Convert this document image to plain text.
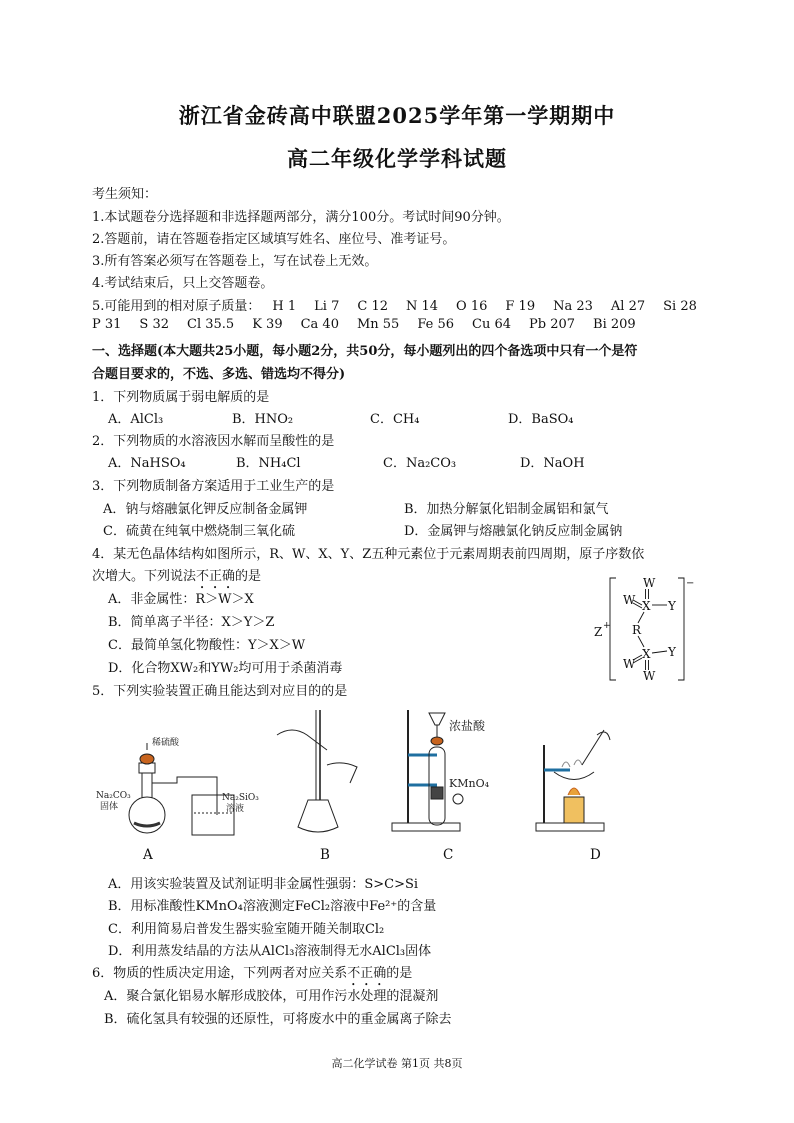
浙江省金砖高中联盟2025学年第一学期期中
高二年级化学学科试题
考生须知：
1.本试题卷分选择题和非选择题两部分，满分100分。考试时间90分钟。
2.答题前，请在答题卷指定区域填写姓名、座位号、准考证号。
3.所有答案必须写在答题卷上，写在试卷上无效。
4.考试结束后，只上交答题卷。
5.可能用到的相对原子质量： H 1 Li 7 C 12 N 14 O 16 F 19 Na 23 Al 27 Si 28
P 31 S 32 Cl 35.5 K 39 Ca 40 Mn 55 Fe 56 Cu 64 Pb 207 Bi 209
一、选择题(本大题共25小题，每小题2分，共50分，每小题列出的四个备选项中只有一个是符
合题目要求的，不选、多选、错选均不得分)
1．下列物质属于弱电解质的是
A．AlCl₃	B．HNO₂	C．CH₄	D．BaSO₄
2．下列物质的水溶液因水解而呈酸性的是
A．NaHSO₄	B．NH₄Cl	C．Na₂CO₃	D．NaOH
3．下列物质制备方案适用于工业生产的是
A．钠与熔融氯化钾反应制备金属钾	B．加热分解氯化铝制金属铝和氯气
C．硫黄在纯氧中燃烧制三氧化硫	D．金属钾与熔融氯化钠反应制金属钠
4．某无色晶体结构如图所示，R、W、X、Y、Z五种元素位于元素周期表前四周期，原子序数依
次增大。下列说法不正确的是
A．非金属性：R＞W＞X
B．简单离子半径：X＞Y＞Z
C．最简单氢化物酸性：Y＞X＞W
D．化合物XW₂和YW₂均可用于杀菌消毒
Z +
W
W X Y
R
X Y
W
W
−
5．下列实验装置正确且能达到对应目的的是
稀硫酸
Na₂CO₃
固体
Na₂SiO₃
溶液
浓盐酸
KMnO₄
A	B	C	D
A．用该实验装置及试剂证明非金属性强弱：S>C>Si
B．用标准酸性KMnO₄溶液测定FeCl₂溶液中Fe²⁺的含量
C．利用简易启普发生器实验室随开随关制取Cl₂
D．利用蒸发结晶的方法从AlCl₃溶液制得无水AlCl₃固体
6．物质的性质决定用途，下列两者对应关系不正确的是
A．聚合氯化铝易水解形成胶体，可用作污水处理的混凝剂
B．硫化氢具有较强的还原性，可将废水中的重金属离子除去
高二化学试卷 第1页 共8页
